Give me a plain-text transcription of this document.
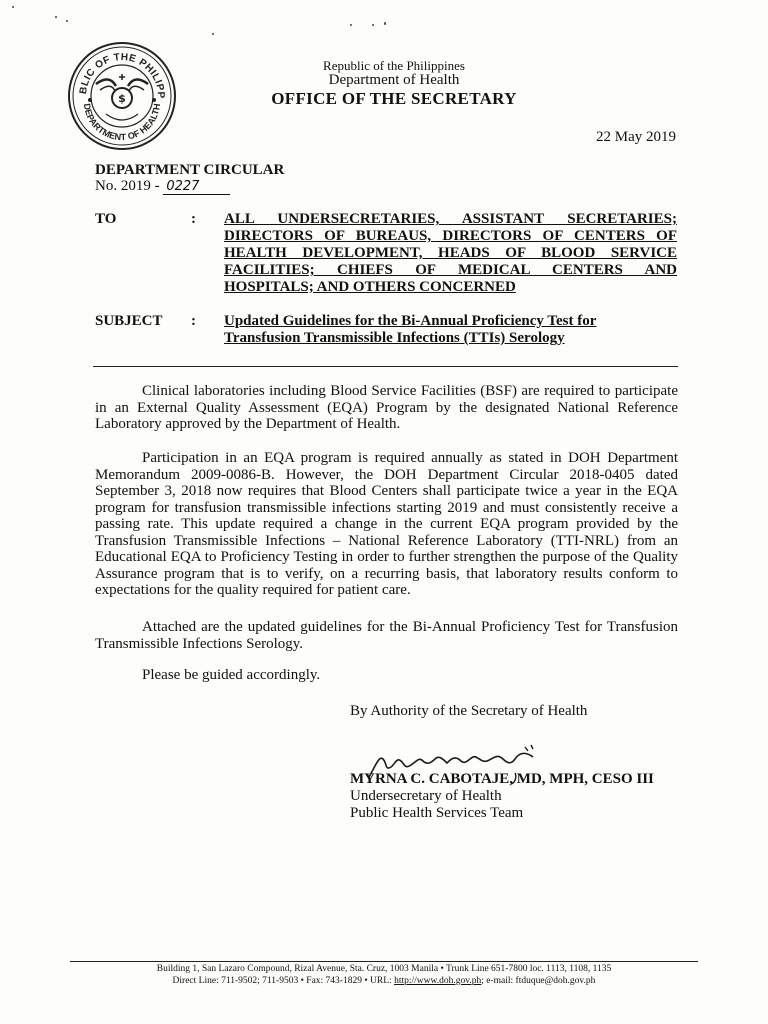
BLIC OF THE PHILIPP
DEPARTMENT OF HEALTH
$
Republic of the Philippines
Department of Health
OFFICE OF THE SECRETARY
22 May 2019
DEPARTMENT CIRCULAR
No. 2019 - 0227
TO	: ALL UNDERSECRETARIES, ASSISTANT SECRETARIES; DIRECTORS OF BUREAUS, DIRECTORS OF CENTERS OF HEALTH DEVELOPMENT, HEADS OF BLOOD SERVICE FACILITIES; CHIEFS OF MEDICAL CENTERS AND HOSPITALS; AND OTHERS CONCERNED
SUBJECT : Updated Guidelines for the Bi-Annual Proficiency Test for
Transfusion Transmissible Infections (TTIs) Serology
Clinical laboratories including Blood Service Facilities (BSF) are required to participate in an External Quality Assessment (EQA) Program by the designated National Reference Laboratory approved by the Department of Health.
Participation in an EQA program is required annually as stated in DOH Department Memorandum 2009-0086-B. However, the DOH Department Circular 2018-0405 dated September 3, 2018 now requires that Blood Centers shall participate twice a year in the EQA program for transfusion transmissible infections starting 2019 and must consistently receive a passing rate. This update required a change in the current EQA program provided by the Transfusion Transmissible Infections – National Reference Laboratory (TTI-NRL) from an Educational EQA to Proficiency Testing in order to further strengthen the purpose of the Quality Assurance program that is to verify, on a recurring basis, that laboratory results conform to expectations for the quality required for patient care.
Attached are the updated guidelines for the Bi-Annual Proficiency Test for Transfusion Transmissible Infections Serology.
Please be guided accordingly.
By Authority of the Secretary of Health
MYRNA C. CABOTAJE, MD, MPH, CESO III
Undersecretary of Health
Public Health Services Team
Building 1, San Lazaro Compound, Rizal Avenue, Sta. Cruz, 1003 Manila • Trunk Line 651-7800 loc. 1113, 1108, 1135
Direct Line: 711-9502; 711-9503 • Fax: 743-1829 • URL: http://www.doh.gov.ph; e-mail: ftduque@doh.gov.ph
